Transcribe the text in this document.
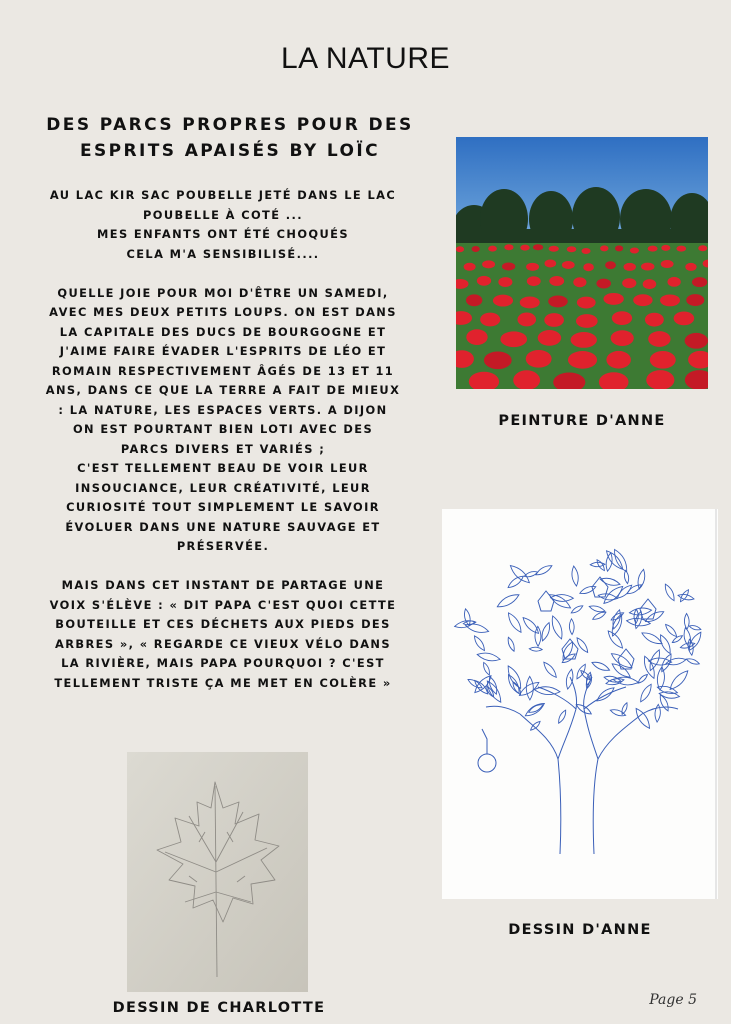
LA NATURE
DES PARCS PROPRES POUR DES
ESPRITS APAISÉS BY LOÏC
AU LAC KIR SAC POUBELLE JETÉ DANS LE LAC
POUBELLE À COTÉ ...
MES ENFANTS ONT ÉTÉ CHOQUÉS
CELA M'A SENSIBILISÉ....
QUELLE JOIE POUR MOI D'ÊTRE UN SAMEDI,
AVEC MES DEUX PETITS LOUPS. ON EST DANS
LA CAPITALE DES DUCS DE BOURGOGNE ET
J'AIME FAIRE ÉVADER L'ESPRITS DE LÉO ET
ROMAIN RESPECTIVEMENT ÂGÉS DE 13 ET 11
ANS, DANS CE QUE LA TERRE A FAIT DE MIEUX
: LA NATURE, LES ESPACES VERTS. A DIJON
ON EST POURTANT BIEN LOTI AVEC DES
PARCS DIVERS ET VARIÉS ;
C'EST TELLEMENT BEAU DE VOIR LEUR
INSOUCIANCE, LEUR CRÉATIVITÉ, LEUR
CURIOSITÉ TOUT SIMPLEMENT LE SAVOIR
ÉVOLUER DANS UNE NATURE SAUVAGE ET
PRÉSERVÉE.
MAIS DANS CET INSTANT DE PARTAGE UNE
VOIX S'ÉLÈVE : « DIT PAPA C'EST QUOI CETTE
BOUTEILLE ET CES DÉCHETS AUX PIEDS DES
ARBRES », « REGARDE CE VIEUX VÉLO DANS
LA RIVIÈRE, MAIS PAPA POURQUOI ? C'EST
TELLEMENT TRISTE ÇA ME MET EN COLÈRE »
PEINTURE D'ANNE
DESSIN D'ANNE
DESSIN DE CHARLOTTE	Page 5
